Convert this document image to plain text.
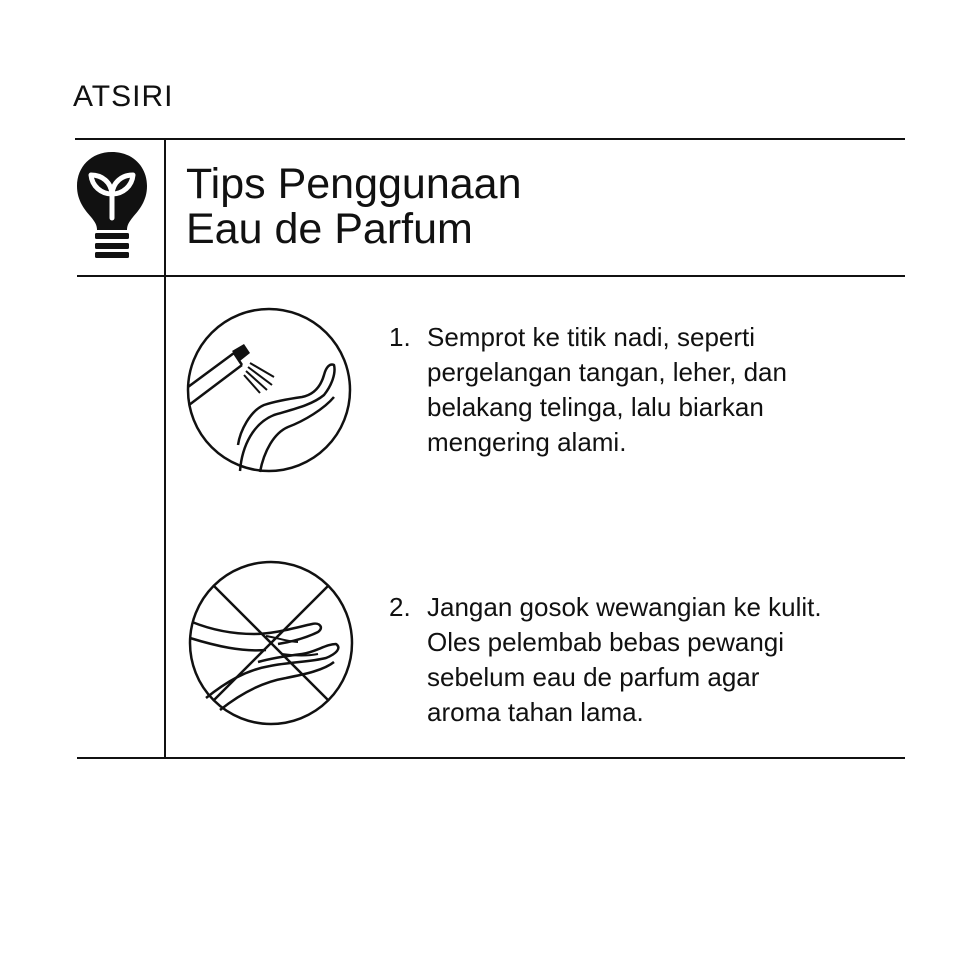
ATSIRI
Tips Penggunaan
Eau de Parfum
1. Semprot ke titik nadi, seperti
pergelangan tangan, leher, dan
belakang telinga, lalu biarkan
mengering alami.
2. Jangan gosok wewangian ke kulit.
Oles pelembab bebas pewangi
sebelum eau de parfum agar
aroma tahan lama.
